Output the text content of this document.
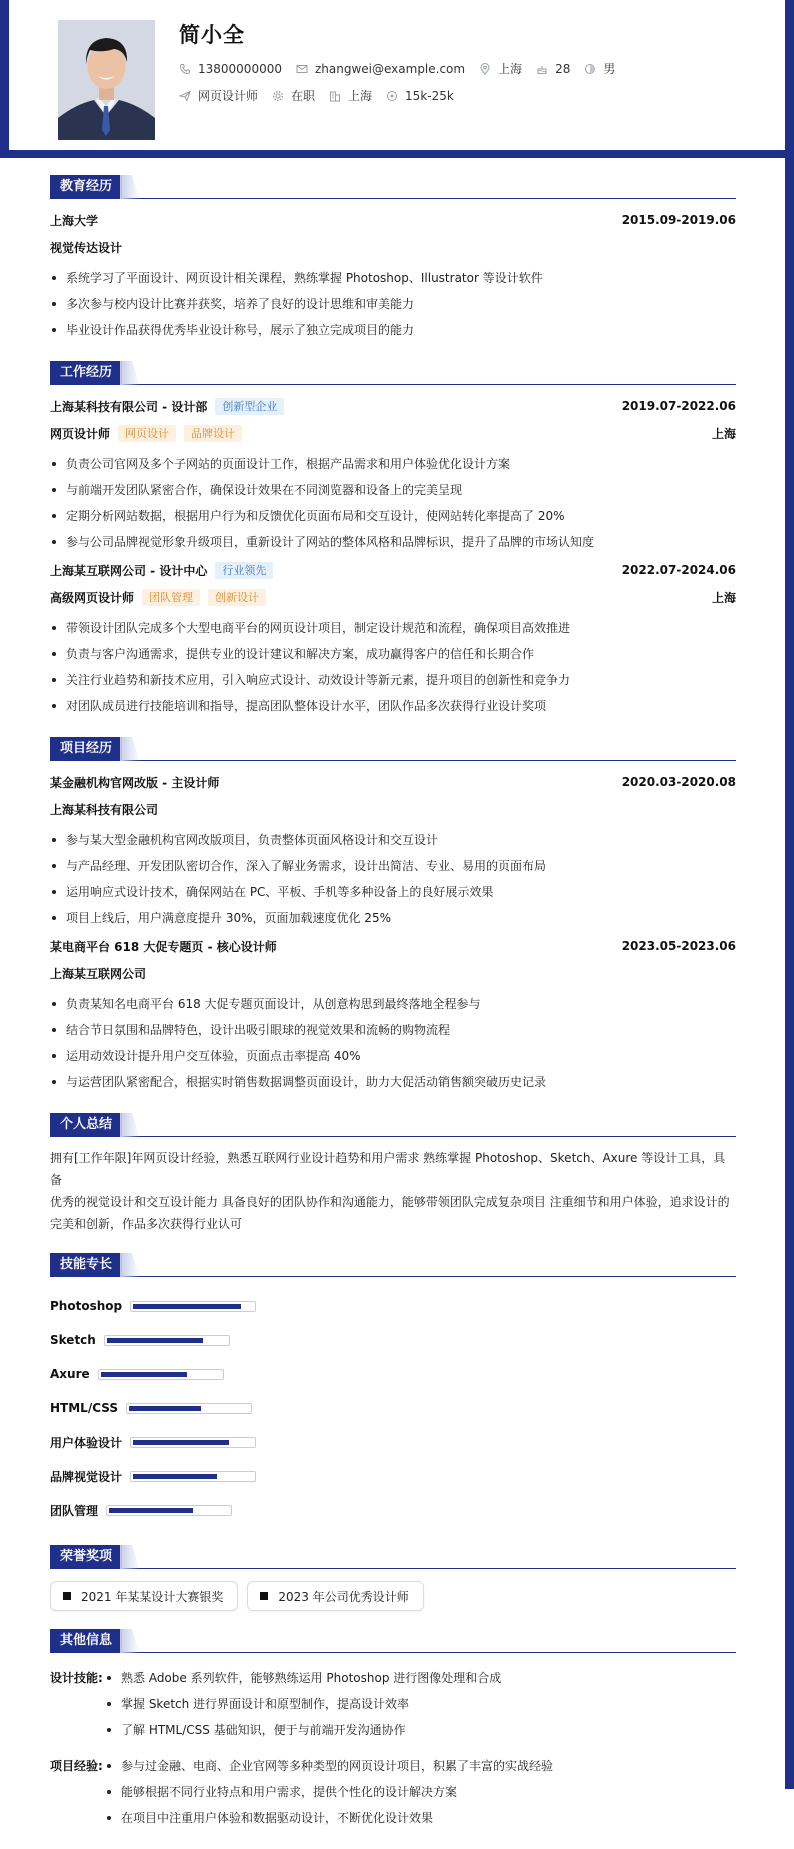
简小全
13800000000	zhangwei@example.com	上海	28	男
网页设计师	在职	上海	15k-25k
教育经历
上海大学	2015.09-2019.06
视觉传达设计
系统学习了平面设计、网页设计相关课程，熟练掌握 Photoshop、Illustrator 等设计软件
多次参与校内设计比赛并获奖，培养了良好的设计思维和审美能力
毕业设计作品获得优秀毕业设计称号，展示了独立完成项目的能力
工作经历
上海某科技有限公司 - 设计部	创新型企业	2019.07-2022.06
网页设计师	网页设计	品牌设计	上海
负责公司官网及多个子网站的页面设计工作，根据产品需求和用户体验优化设计方案
与前端开发团队紧密合作，确保设计效果在不同浏览器和设备上的完美呈现
定期分析网站数据，根据用户行为和反馈优化页面布局和交互设计，使网站转化率提高了 20%
参与公司品牌视觉形象升级项目，重新设计了网站的整体风格和品牌标识，提升了品牌的市场认知度
上海某互联网公司 - 设计中心	行业领先	2022.07-2024.06
高级网页设计师	团队管理	创新设计	上海
带领设计团队完成多个大型电商平台的网页设计项目，制定设计规范和流程，确保项目高效推进
负责与客户沟通需求，提供专业的设计建议和解决方案，成功赢得客户的信任和长期合作
关注行业趋势和新技术应用，引入响应式设计、动效设计等新元素，提升项目的创新性和竞争力
对团队成员进行技能培训和指导，提高团队整体设计水平，团队作品多次获得行业设计奖项
项目经历
某金融机构官网改版 - 主设计师	2020.03-2020.08
上海某科技有限公司
参与某大型金融机构官网改版项目，负责整体页面风格设计和交互设计
与产品经理、开发团队密切合作，深入了解业务需求，设计出简洁、专业、易用的页面布局
运用响应式设计技术，确保网站在 PC、平板、手机等多种设备上的良好展示效果
项目上线后，用户满意度提升 30%，页面加载速度优化 25%
某电商平台 618 大促专题页 - 核心设计师	2023.05-2023.06
上海某互联网公司
负责某知名电商平台 618 大促专题页面设计，从创意构思到最终落地全程参与
结合节日氛围和品牌特色，设计出吸引眼球的视觉效果和流畅的购物流程
运用动效设计提升用户交互体验，页面点击率提高 40%
与运营团队紧密配合，根据实时销售数据调整页面设计，助力大促活动销售额突破历史记录
个人总结
拥有[工作年限]年网页设计经验，熟悉互联网行业设计趋势和用户需求 熟练掌握 Photoshop、Sketch、Axure 等设计工具，具备
优秀的视觉设计和交互设计能力 具备良好的团队协作和沟通能力，能够带领团队完成复杂项目 注重细节和用户体验，追求设计的
完美和创新，作品多次获得行业认可
技能专长
Photoshop
Sketch
Axure
HTML/CSS
用户体验设计
品牌视觉设计
团队管理
荣誉奖项
2021 年某某设计大赛银奖	2023 年公司优秀设计师
其他信息
设计技能:	熟悉 Adobe 系列软件，能够熟练运用 Photoshop 进行图像处理和合成
掌握 Sketch 进行界面设计和原型制作，提高设计效率
了解 HTML/CSS 基础知识，便于与前端开发沟通协作
项目经验:	参与过金融、电商、企业官网等多种类型的网页设计项目，积累了丰富的实战经验
能够根据不同行业特点和用户需求，提供个性化的设计解决方案
在项目中注重用户体验和数据驱动设计，不断优化设计效果
